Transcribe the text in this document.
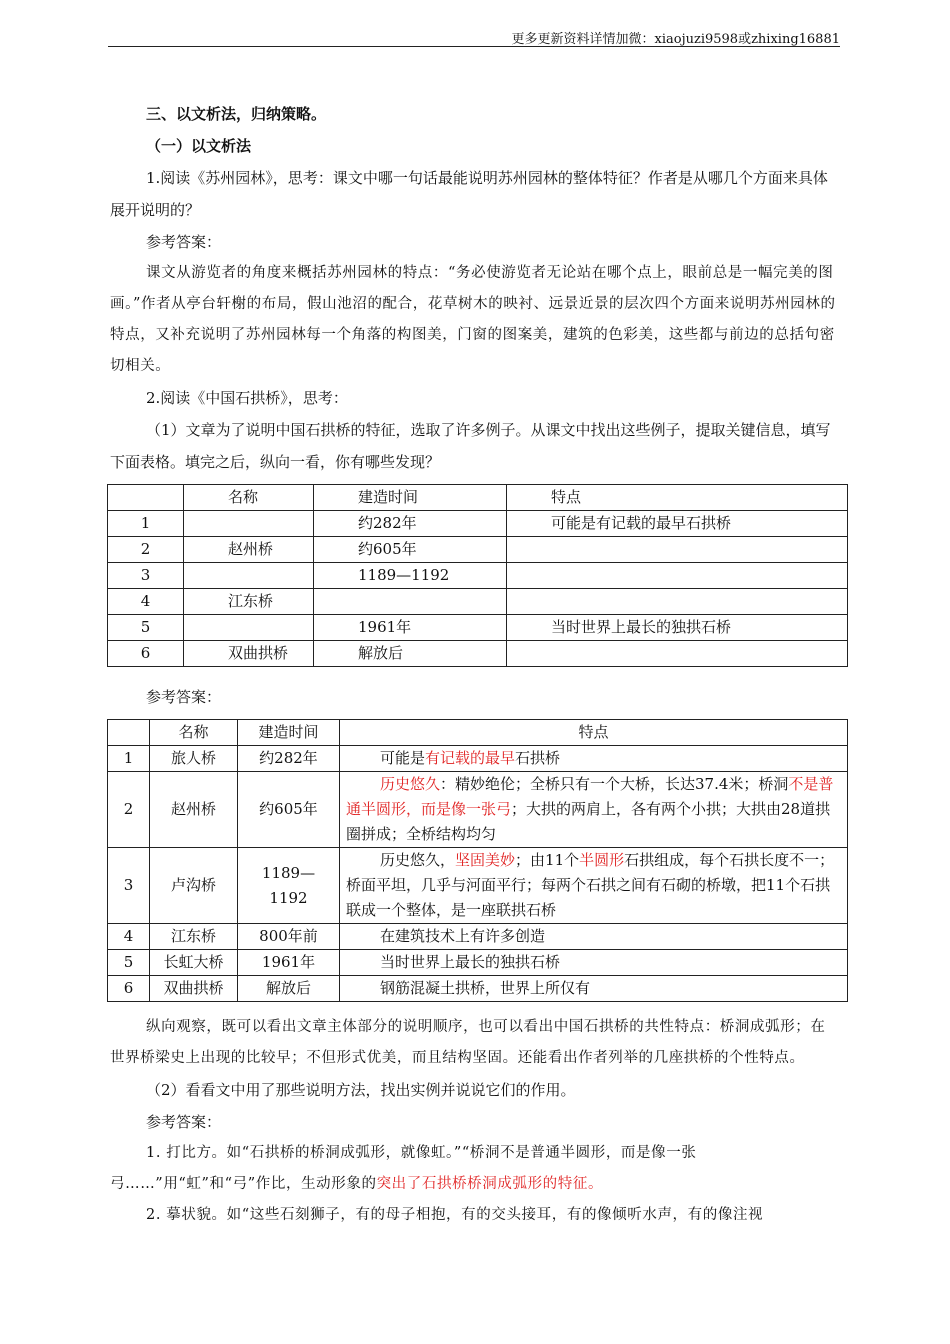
更多更新资料详情加微：xiaojuzi9598或zhixing16881

三、以文析法，归纳策略。

（一）以文析法

1.阅读《苏州园林》，思考：课文中哪一句话最能说明苏州园林的整体特征？作者是从哪几个方面来具体展开说明的？

参考答案：

课文从游览者的角度来概括苏州园林的特点：“务必使游览者无论站在哪个点上，眼前总是一幅完美的图画。”作者从亭台轩榭的布局，假山池沼的配合，花草树木的映衬、远景近景的层次四个方面来说明苏州园林的特点，又补充说明了苏州园林每一个角落的构图美，门窗的图案美，建筑的色彩美，这些都与前边的总括句密切相关。

2.阅读《中国石拱桥》，思考：

（1）文章为了说明中国石拱桥的特征，选取了许多例子。从课文中找出这些例子，提取关键信息，填写下面表格。填完之后，纵向一看，你有哪些发现？

	名称	建造时间	特点
1		约282年	可能是有记载的最早石拱桥
2	赵州桥	约605年	
3		1189—1192	
4	江东桥		
5		1961年	当时世界上最长的独拱石桥
6	双曲拱桥	解放后	

参考答案：

	名称	建造时间	特点
1	旅人桥	约282年	可能是有记载的最早石拱桥
2	赵州桥	约605年	历史悠久：精妙绝伦；全桥只有一个大桥，长达37.4米；桥洞不是普通半圆形，而是像一张弓；大拱的两肩上，各有两个小拱；大拱由28道拱圈拼成；全桥结构均匀
3	卢沟桥	1189—1192	历史悠久，坚固美妙；由11个半圆形石拱组成，每个石拱长度不一；桥面平坦，几乎与河面平行；每两个石拱之间有石砌的桥墩，把11个石拱联成一个整体，是一座联拱石桥
4	江东桥	800年前	在建筑技术上有许多创造
5	长虹大桥	1961年	当时世界上最长的独拱石桥
6	双曲拱桥	解放后	钢筋混凝土拱桥，世界上所仅有

纵向观察，既可以看出文章主体部分的说明顺序，也可以看出中国石拱桥的共性特点：桥洞成弧形；在世界桥梁史上出现的比较早；不但形式优美，而且结构坚固。还能看出作者列举的几座拱桥的个性特点。

（2）看看文中用了那些说明方法，找出实例并说说它们的作用。

参考答案：

1. 打比方。如“石拱桥的桥洞成弧形，就像虹。”“桥洞不是普通半圆形，而是像一张弓……”用“虹”和“弓”作比，生动形象的突出了石拱桥桥洞成弧形的特征。

2. 摹状貌。如“这些石刻狮子，有的母子相抱，有的交头接耳，有的像倾听水声，有的像注视
